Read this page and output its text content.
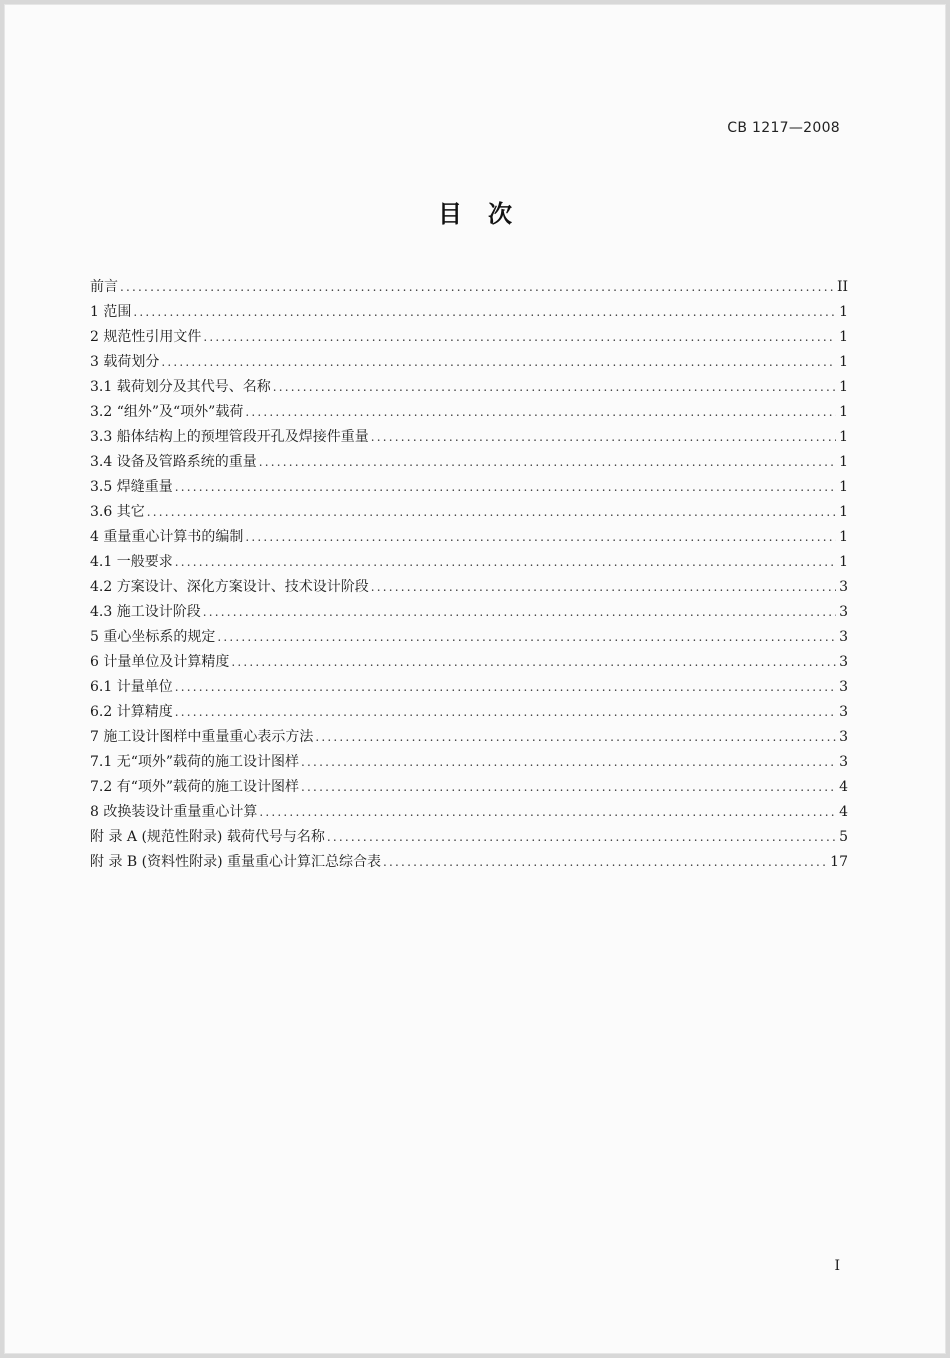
CB 1217—2008
目次
前言 .....	II
1 范围 .....	1
2 规范性引用文件 .....	1
3 载荷划分 .....	1
3.1 载荷划分及其代号、名称 .....	1
3.2 “组外”及“项外”载荷 .....	1
3.3 船体结构上的预埋管段开孔及焊接件重量 .....	1
3.4 设备及管路系统的重量 .....	1
3.5 焊缝重量 .....	1
3.6 其它 .....	1
4 重量重心计算书的编制 .....	1
4.1 一般要求 .....	1
4.2 方案设计、深化方案设计、技术设计阶段 .....	3
4.3 施工设计阶段 .....	3
5 重心坐标系的规定 .....	3
6 计量单位及计算精度 .....	3
6.1 计量单位 .....	3
6.2 计算精度 .....	3
7 施工设计图样中重量重心表示方法 .....	3
7.1 无“项外”载荷的施工设计图样 .....	3
7.2 有“项外”载荷的施工设计图样 .....	4
8 改换装设计重量重心计算 .....	4
附 录 A (规范性附录) 载荷代号与名称 .....	5
附 录 B (资料性附录) 重量重心计算汇总综合表 .....	17
I
